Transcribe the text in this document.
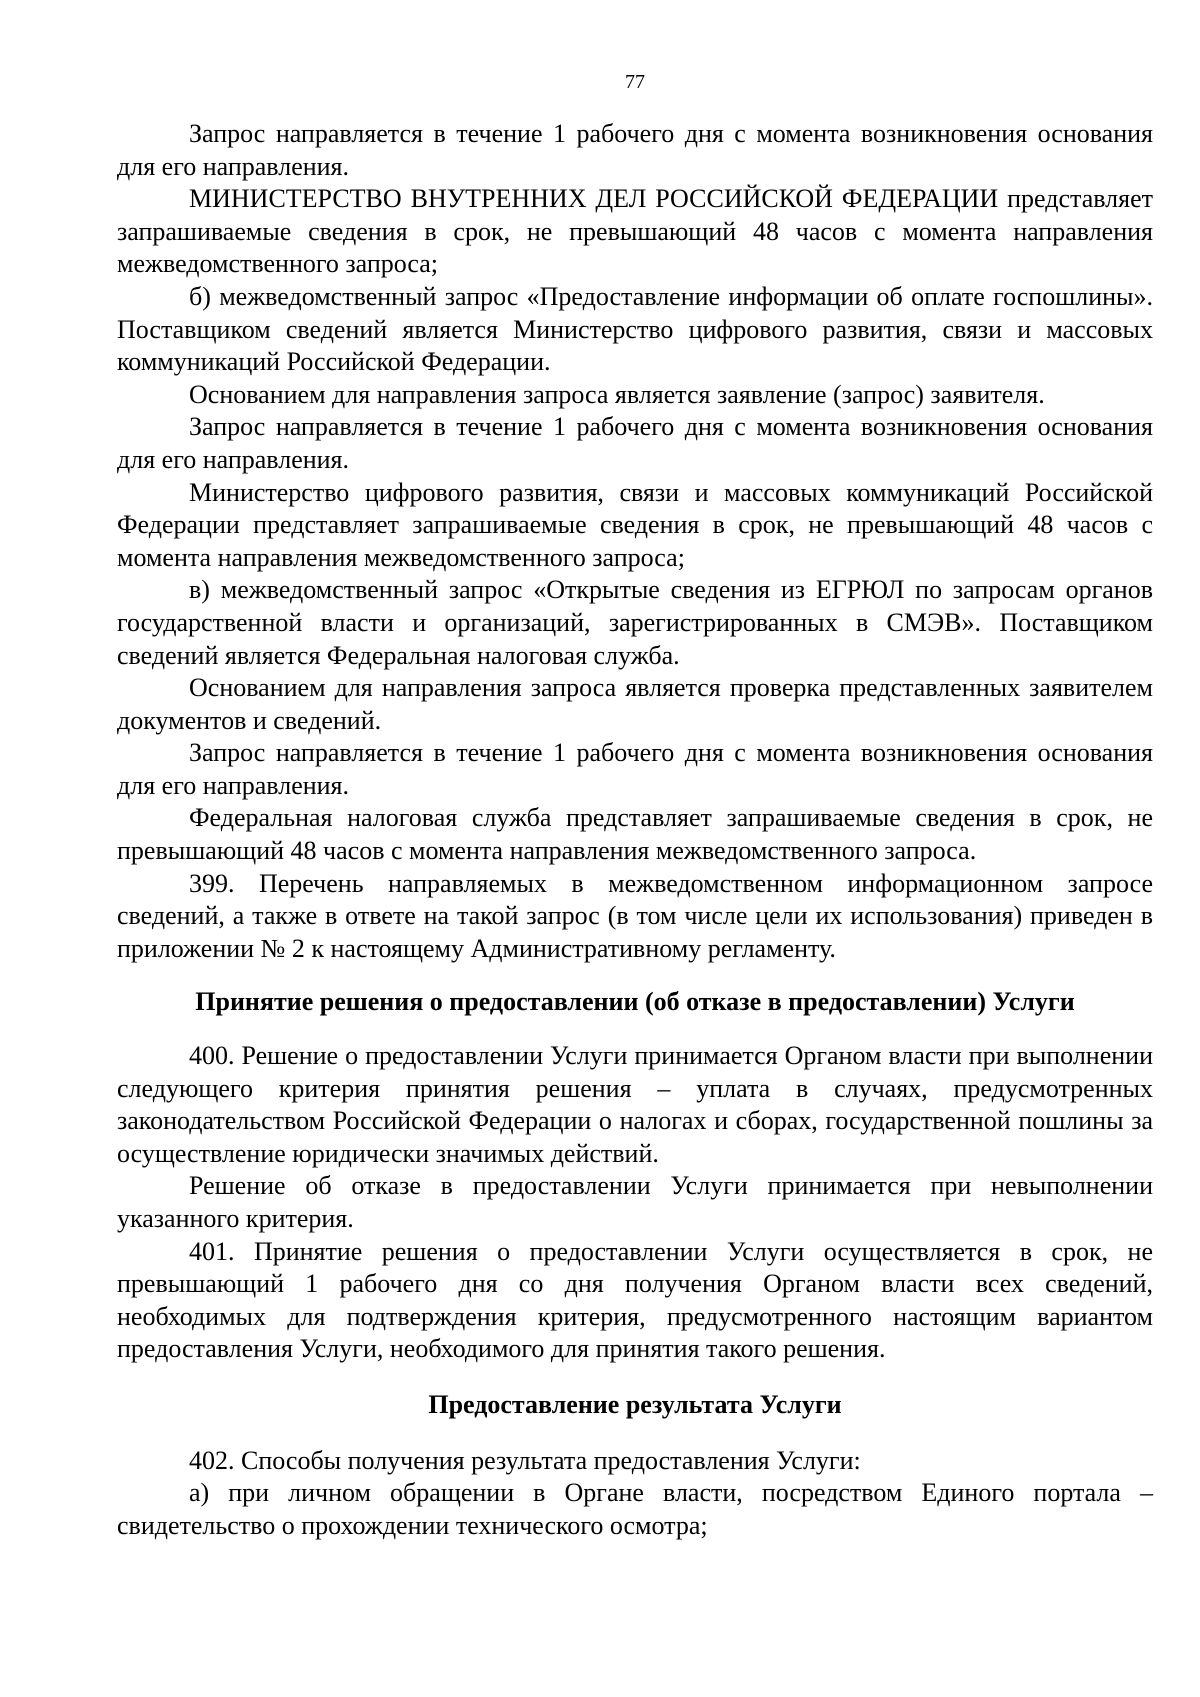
77

Запрос направляется в течение 1 рабочего дня с момента возникновения основания для его направления.

МИНИСТЕРСТВО ВНУТРЕННИХ ДЕЛ РОССИЙСКОЙ ФЕДЕРАЦИИ представляет запрашиваемые сведения в срок, не превышающий 48 часов с момента направления межведомственного запроса;

б) межведомственный запрос «Предоставление информации об оплате госпошлины». Поставщиком сведений является Министерство цифрового развития, связи и массовых коммуникаций Российской Федерации.

Основанием для направления запроса является заявление (запрос) заявителя.

Запрос направляется в течение 1 рабочего дня с момента возникновения основания для его направления.

Министерство цифрового развития, связи и массовых коммуникаций Российской Федерации представляет запрашиваемые сведения в срок, не превышающий 48 часов с момента направления межведомственного запроса;

в) межведомственный запрос «Открытые сведения из ЕГРЮЛ по запросам органов государственной власти и организаций, зарегистрированных в СМЭВ». Поставщиком сведений является Федеральная налоговая служба.

Основанием для направления запроса является проверка представленных заявителем документов и сведений.

Запрос направляется в течение 1 рабочего дня с момента возникновения основания для его направления.

Федеральная налоговая служба представляет запрашиваемые сведения в срок, не превышающий 48 часов с момента направления межведомственного запроса.

399. Перечень направляемых в межведомственном информационном запросе сведений, а также в ответе на такой запрос (в том числе цели их использования) приведен в приложении № 2 к настоящему Административному регламенту.

Принятие решения о предоставлении (об отказе в предоставлении) Услуги

400. Решение о предоставлении Услуги принимается Органом власти при выполнении следующего критерия принятия решения – уплата в случаях, предусмотренных законодательством Российской Федерации о налогах и сборах, государственной пошлины за осуществление юридически значимых действий.

Решение об отказе в предоставлении Услуги принимается при невыполнении указанного критерия.

401. Принятие решения о предоставлении Услуги осуществляется в срок, не превышающий 1 рабочего дня со дня получения Органом власти всех сведений, необходимых для подтверждения критерия, предусмотренного настоящим вариантом предоставления Услуги, необходимого для принятия такого решения.

Предоставление результата Услуги

402. Способы получения результата предоставления Услуги:

а) при личном обращении в Органе власти, посредством Единого портала – свидетельство о прохождении технического осмотра;
